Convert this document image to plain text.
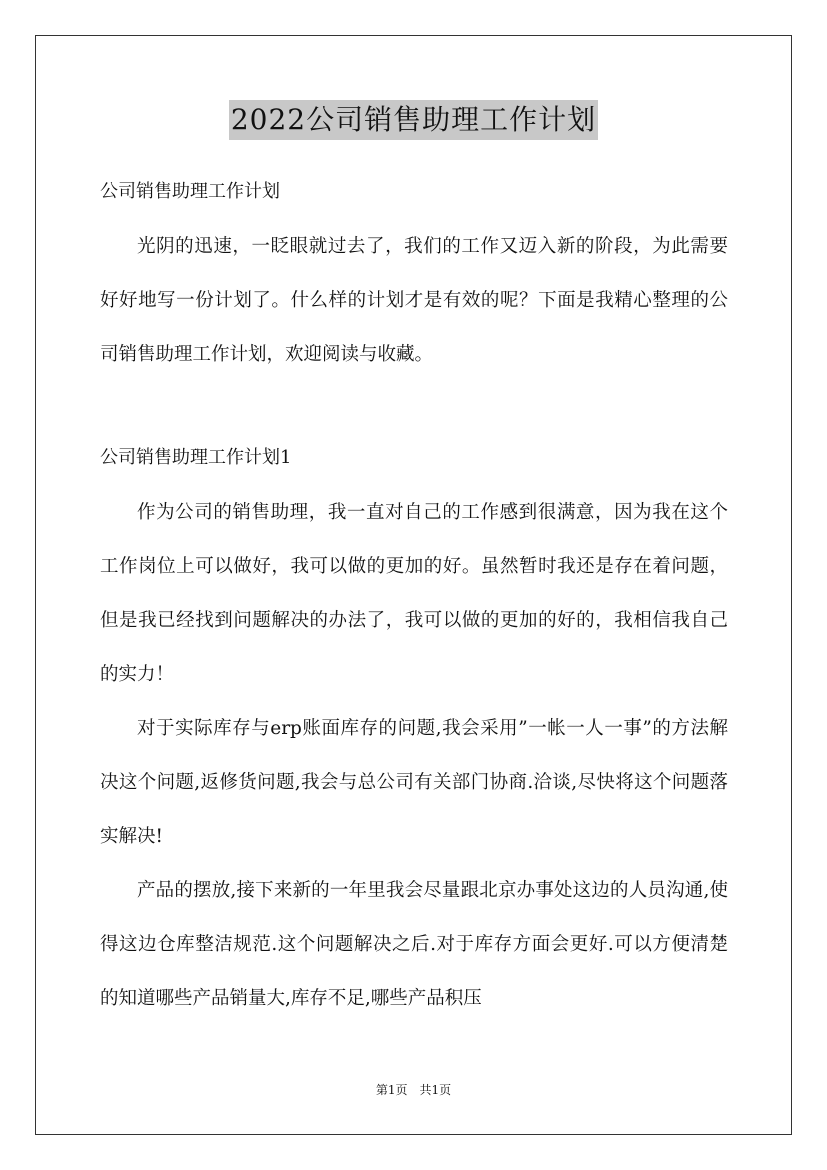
2022公司销售助理工作计划

公司销售助理工作计划

光阴的迅速，一眨眼就过去了，我们的工作又迈入新的阶段，为此需要好好地写一份计划了。什么样的计划才是有效的呢？下面是我精心整理的公司销售助理工作计划，欢迎阅读与收藏。

公司销售助理工作计划1

作为公司的销售助理，我一直对自己的工作感到很满意，因为我在这个工作岗位上可以做好，我可以做的更加的好。虽然暂时我还是存在着问题，但是我已经找到问题解决的办法了，我可以做的更加的好的，我相信我自己的实力！

对于实际库存与erp账面库存的问题,我会采用”一帐一人一事”的方法解决这个问题,返修货问题,我会与总公司有关部门协商.洽谈,尽快将这个问题落实解决!

产品的摆放,接下来新的一年里我会尽量跟北京办事处这边的人员沟通,使得这边仓库整洁规范.这个问题解决之后.对于库存方面会更好.可以方便清楚的知道哪些产品销量大,库存不足,哪些产品积压

第1页　共1页
